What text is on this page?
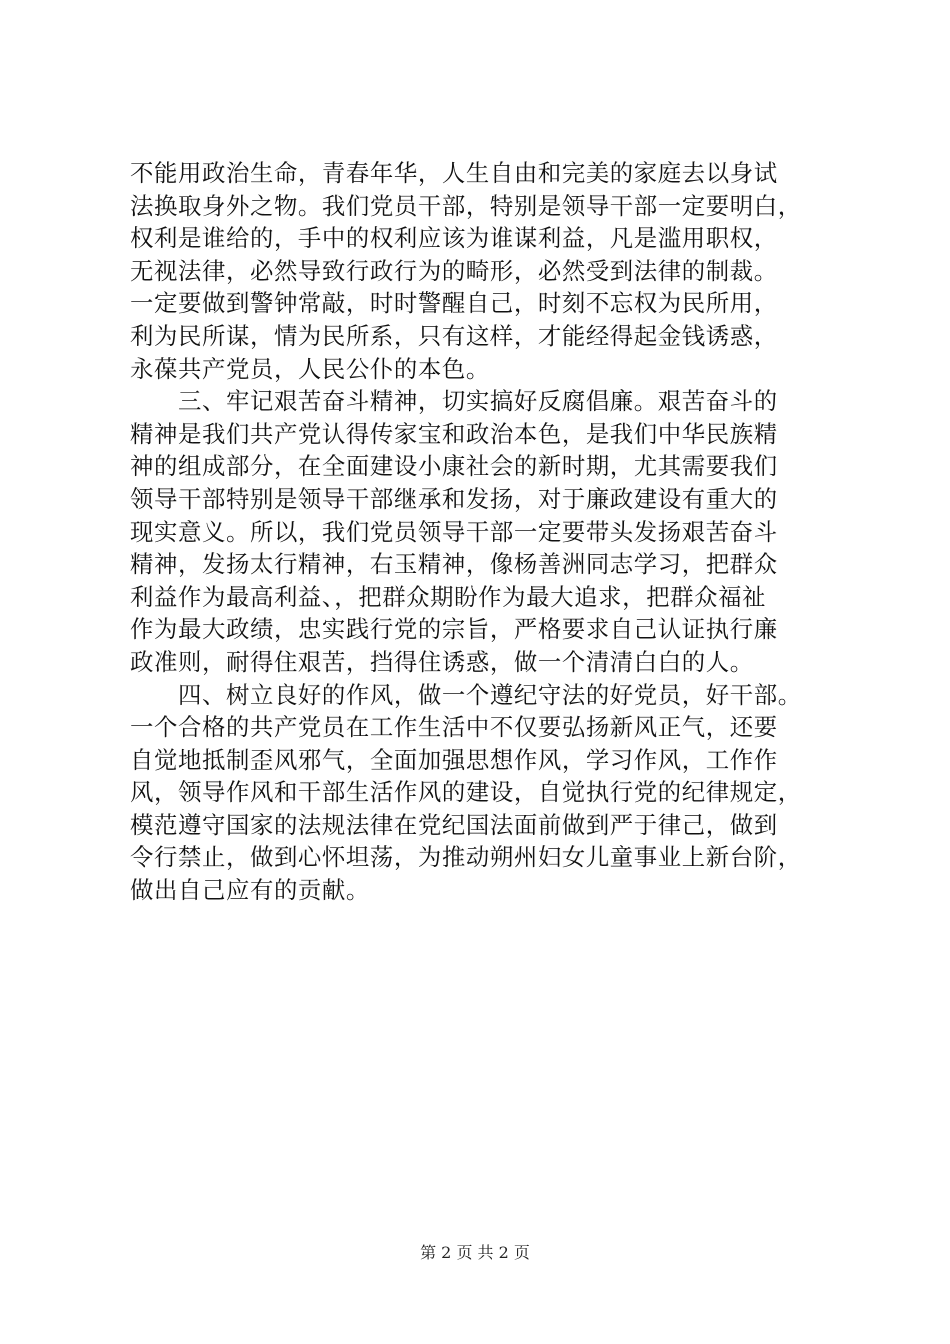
不能用政治生命，青春年华，人生自由和完美的家庭去以身试
法换取身外之物。我们党员干部，特别是领导干部一定要明白，
权利是谁给的，手中的权利应该为谁谋利益，凡是滥用职权，
无视法律，必然导致行政行为的畸形，必然受到法律的制裁。
一定要做到警钟常敲，时时警醒自己，时刻不忘权为民所用，
利为民所谋，情为民所系，只有这样，才能经得起金钱诱惑，
永葆共产党员，人民公仆的本色。
　　三、牢记艰苦奋斗精神，切实搞好反腐倡廉。艰苦奋斗的
精神是我们共产党认得传家宝和政治本色，是我们中华民族精
神的组成部分，在全面建设小康社会的新时期，尤其需要我们
领导干部特别是领导干部继承和发扬，对于廉政建设有重大的
现实意义。所以，我们党员领导干部一定要带头发扬艰苦奋斗
精神，发扬太行精神，右玉精神，像杨善洲同志学习，把群众
利益作为最高利益、，把群众期盼作为最大追求，把群众福祉
作为最大政绩，忠实践行党的宗旨，严格要求自己认证执行廉
政准则，耐得住艰苦，挡得住诱惑，做一个清清白白的人。
　　四、树立良好的作风，做一个遵纪守法的好党员，好干部。
一个合格的共产党员在工作生活中不仅要弘扬新风正气，还要
自觉地抵制歪风邪气，全面加强思想作风，学习作风，工作作
风，领导作风和干部生活作风的建设，自觉执行党的纪律规定，
模范遵守国家的法规法律在党纪国法面前做到严于律己，做到
令行禁止，做到心怀坦荡，为推动朔州妇女儿童事业上新台阶，
做出自己应有的贡献。
第 2 页 共 2 页
